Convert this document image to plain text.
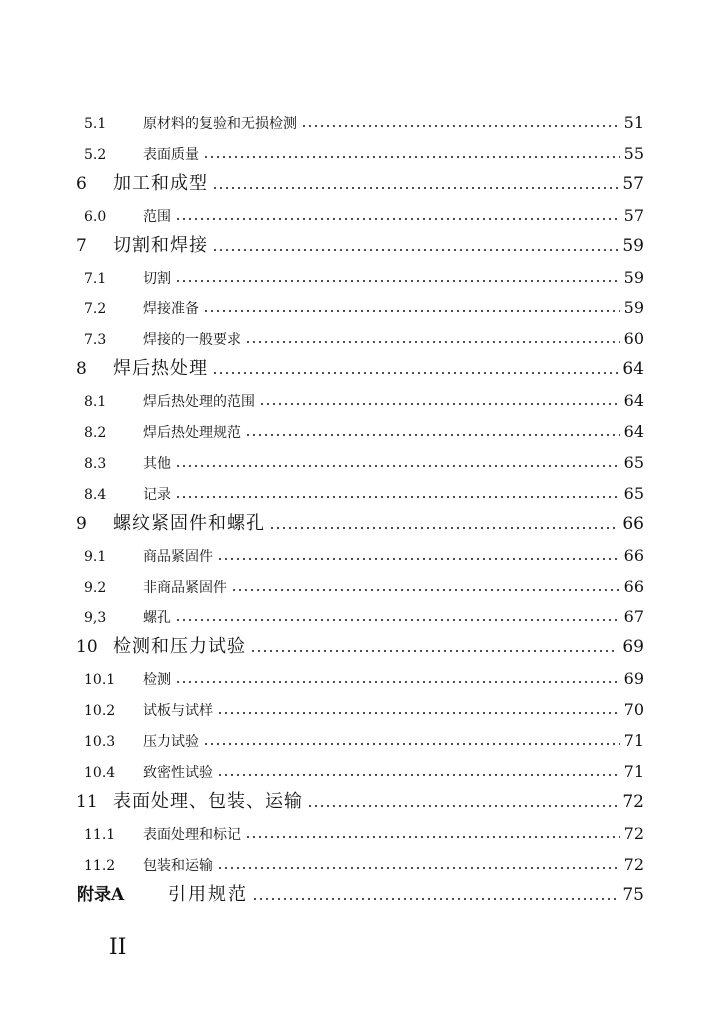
5.1	原材料的复验和无损检测	51
5.2	表面质量	55
6 加工和成型	57
6.0	范围	57
7 切割和焊接	59
7.1	切割	59
7.2	焊接准备	59
7.3	焊接的一般要求	60
8 焊后热处理	64
8.1	焊后热处理的范围	64
8.2	焊后热处理规范	64
8.3	其他	65
8.4	记录	65
9 螺纹紧固件和螺孔	66
9.1	商品紧固件	66
9.2	非商品紧固件	66
9,3	螺孔	67
10 检测和压力试验	69
10.1 检测	69
10.2 试板与试样	70
10.3 压力试验	71
10.4 致密性试验	71
11 表面处理、包装、运输	72
11.1 表面处理和标记	72
11.2 包装和运输	72
附录A 引用规范	75
II
